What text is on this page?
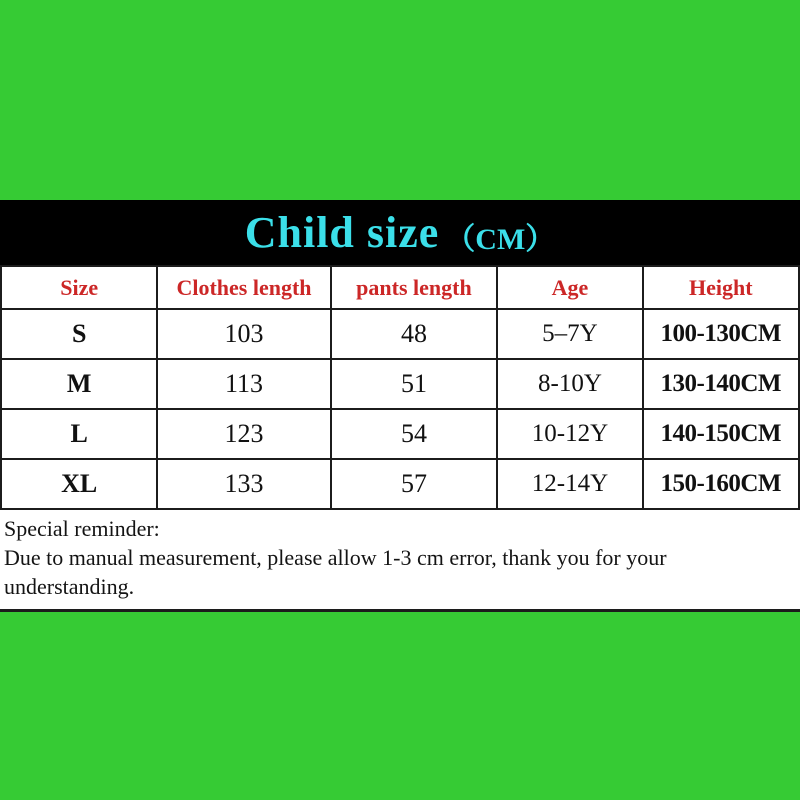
Child size （CM）
Size	Clothes length	pants length	Age	Height
S	103	48	5–7Y	100-130CM
M	113	51	8-10Y	130-140CM
L	123	54	10-12Y	140-150CM
XL	133	57	12-14Y	150-160CM
Special reminder:
Due to manual measurement, please allow 1-3 cm error, thank you for your
understanding.
